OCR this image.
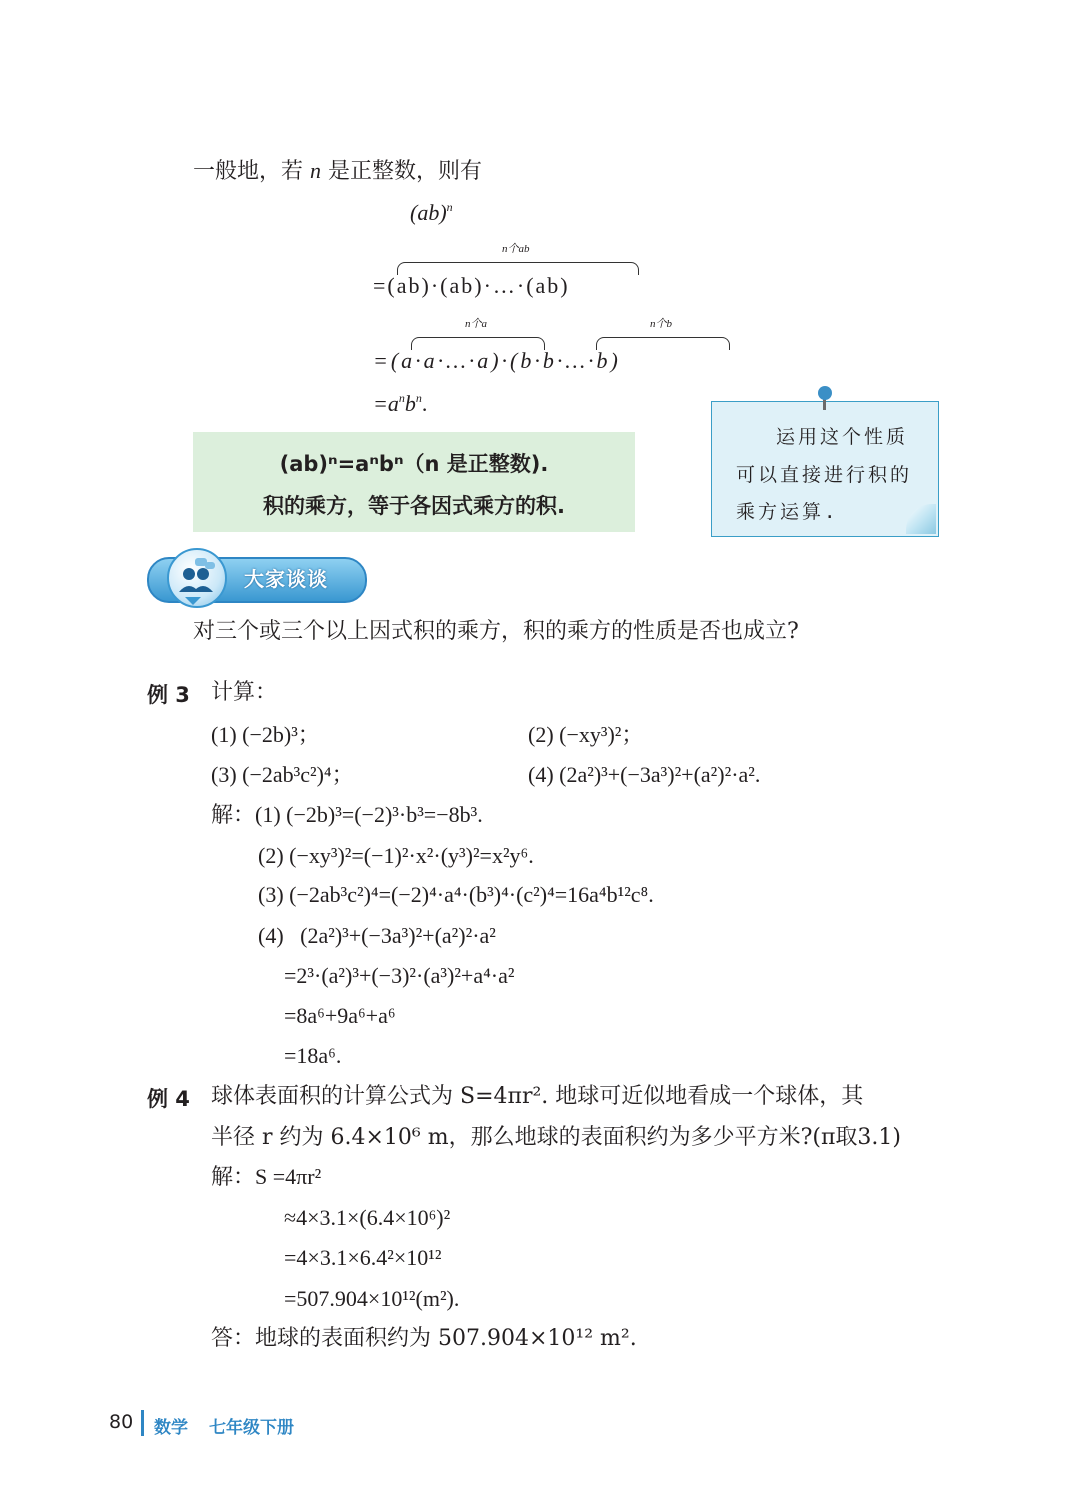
一般地，若 n 是正整数，则有
(ab)$^n$
n个ab
=(ab)·(ab)·…·(ab)
n个a	n个b
=(a·a·…·a)·(b·b·…·b)
$=a^nb^n$.
(ab)ⁿ=aⁿbⁿ（n 是正整数).
积的乘方，等于各因式乘方的积.
运用这个性质
可以直接进行积的
乘方运算.
大家谈谈
对三个或三个以上因式积的乘方，积的乘方的性质是否也成立?
例 3 计算：
(1) (−2b)³；	(2) (−xy³)²；
(3) (−2ab³c²)⁴；	(4) (2a²)³+(−3a³)²+(a²)²·a².
解：(1) (−2b)³=(−2)³·b³=−8b³.
(2) (−xy³)²=(−1)²·x²·(y³)²=x²y⁶.
(3) (−2ab³c²)⁴=(−2)⁴·a⁴·(b³)⁴·(c²)⁴=16a⁴b¹²c⁸.
(4)   (2a²)³+(−3a³)²+(a²)²·a²
=2³·(a²)³+(−3)²·(a³)²+a⁴·a²
=8a⁶+9a⁶+a⁶
=18a⁶.
例 4 球体表面积的计算公式为 S=4πr². 地球可近似地看成一个球体，其
半径 r 约为 6.4×10⁶ m，那么地球的表面积约为多少平方米?(π取3.1)
解：S =4πr²
≈4×3.1×(6.4×10⁶)²
=4×3.1×6.4²×10¹²
=507.904×10¹²(m²).
答：地球的表面积约为 507.904×10¹² m².
80 数学 七年级下册
